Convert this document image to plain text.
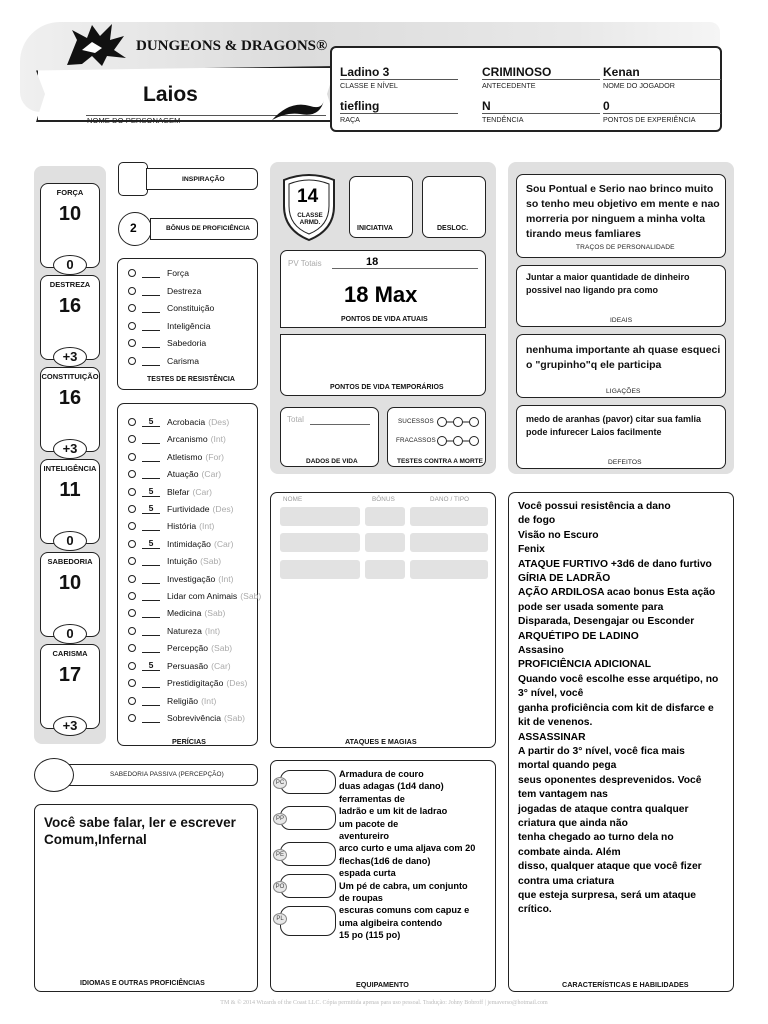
DUNGEONS & DRAGONS®
Laios
NOME DO PERSONAGEM
Ladino 3
CLASSE E NÍVEL
CRIMINOSO
ANTECEDENTE
Kenan
NOME DO JOGADOR
tiefling
RAÇA
N
TENDÊNCIA
0
PONTOS DE EXPERIÊNCIA
FORÇA
10
0
DESTREZA
16
+3
CONSTITUIÇÃO
16
+3
INTELIGÊNCIA
11
0
SABEDORIA
10
0
CARISMA
17
+3
INSPIRAÇÃO
2	BÔNUS DE PROFICIÊNCIA
Força
Destreza
Constituição
Inteligência
Sabedoria
Carisma
TESTES DE RESISTÊNCIA
5	Acrobacia (Des)
Arcanismo (Int)
Atletismo (For)
Atuação (Car)
5	Blefar (Car)
5	Furtividade (Des)
História (Int)
5	Intimidação (Car)
Intuição (Sab)
Investigação (Int)
Lidar com Animais (Sab)
Medicina (Sab)
Natureza (Int)
Percepção (Sab)
5	Persuasão (Car)
Prestidigitação (Des)
Religião (Int)
Sobrevivência (Sab)
PERÍCIAS
14
CLASSE ARMD.
INICIATIVA	DESLOC.
PV Totais	18
18 Max
PONTOS DE VIDA ATUAIS
PONTOS DE VIDA TEMPORÁRIOS
Total
DADOS DE VIDA
SUCESSOS
FRACASSOS
TESTES CONTRA A MORTE
Sou Pontual e Serio nao brinco muito so tenho meu objetivo em mente e nao morreria por ninguem a minha volta tirando meus famliares
TRAÇOS DE PERSONALIDADE
Juntar a maior quantidade de dinheiro possivel nao ligando pra como
IDEAIS
nenhuma importante ah quase esqueci o "grupinho"q ele participa
LIGAÇÕES
medo de aranhas (pavor) citar sua famlia pode infurecer Laios facilmente
DEFEITOS
NOME	BÔNUS	DANO / TIPO
ATAQUES E MAGIAS
Você possui resistência a dano
de fogo
Visão no Escuro
Fenix
ATAQUE FURTIVO +3d6 de dano furtivo
GÍRIA DE LADRÃO
AÇÃO ARDILOSA acao bonus Esta ação
pode ser usada somente para
Disparada, Desengajar ou Esconder
ARQUÉTIPO DE LADINO
Assasino
PROFICIÊNCIA ADICIONAL
Quando você escolhe esse arquétipo, no
3° nível, você
ganha proficiência com kit de disfarce e
kit de venenos.
ASSASSINAR
A partir do 3° nível, você fica mais
mortal quando pega
seus oponentes desprevenidos. Você
tem vantagem nas
jogadas de ataque contra qualquer
criatura que ainda não
tenha chegado ao turno dela no
combate ainda. Além
disso, qualquer ataque que você fizer
contra uma criatura
que esteja surpresa, será um ataque
crítico.
CARACTERÍSTICAS E HABILIDADES
SABEDORIA PASSIVA (PERCEPÇÃO)
Você sabe falar, ler e escrever
Comum,Infernal
IDIOMAS E OUTRAS PROFICIÊNCIAS
PC
PP
PE
PO
PL
Armadura de couro
duas adagas (1d4 dano)
ferramentas de
ladrão e um kit de ladrao
um pacote de
aventureiro
arco curto e uma aljava com 20
flechas(1d6 de dano)
espada curta
Um pé de cabra, um conjunto
de roupas
escuras comuns com capuz e
uma algibeira contendo
15 po (115 po)
EQUIPAMENTO
TM & © 2014 Wizards of the Coast LLC. Cópia permitida apenas para uso pessoal. Tradução: Johny Bobroff | jemaverso@hotmail.com
